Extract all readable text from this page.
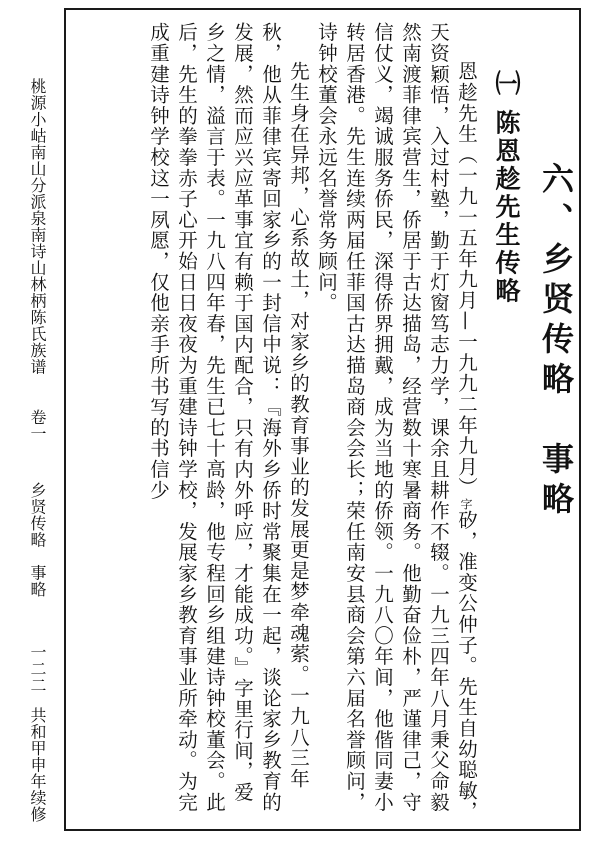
六、乡贤传略　事略
㈠ 陈恩趁先生传略

恩趁先生（一九一五年九月—一九九二年九月）字矽，准变公仲子。先生自幼聪敏，天资颖悟，入过村塾，勤于灯窗笃志力学，课余且耕作不辍。一九三四年八月秉父命毅然南渡菲律宾营生，侨居于古达描岛，经营数十寒暑商务。他勤奋俭朴，严谨律己，守信仗义，竭诚服务侨民，深得侨界拥戴，成为当地的侨领。一九八〇年间，他偕同妻小转居香港。先生连续两届任菲国古达描岛商会会长；荣任南安县商会第六届名誉顾问，诗钟校董会永远名誉常务顾问。

先生身在异邦，心系故土，对家乡的教育事业的发展更是梦牵魂萦。一九八三年秋，他从菲律宾寄回家乡的一封信中说：『海外乡侨时常聚集在一起，谈论家乡教育的发展，然而应兴应革事宜有赖于国内配合，只有内外呼应，才能成功。』字里行间，爱乡之情，溢言于表。一九八四年春，先生已七十高龄，他专程回乡组建诗钟校董会。此后，先生的拳拳赤子心开始日日夜夜为重建诗钟学校，发展家乡教育事业所牵动。为完成重建诗钟学校这一夙愿，仅他亲手所书写的书信少

桃源小岵南山分派泉南诗山林柄陈氏族谱卷一乡贤传略　事略一二二共和甲申年续修
